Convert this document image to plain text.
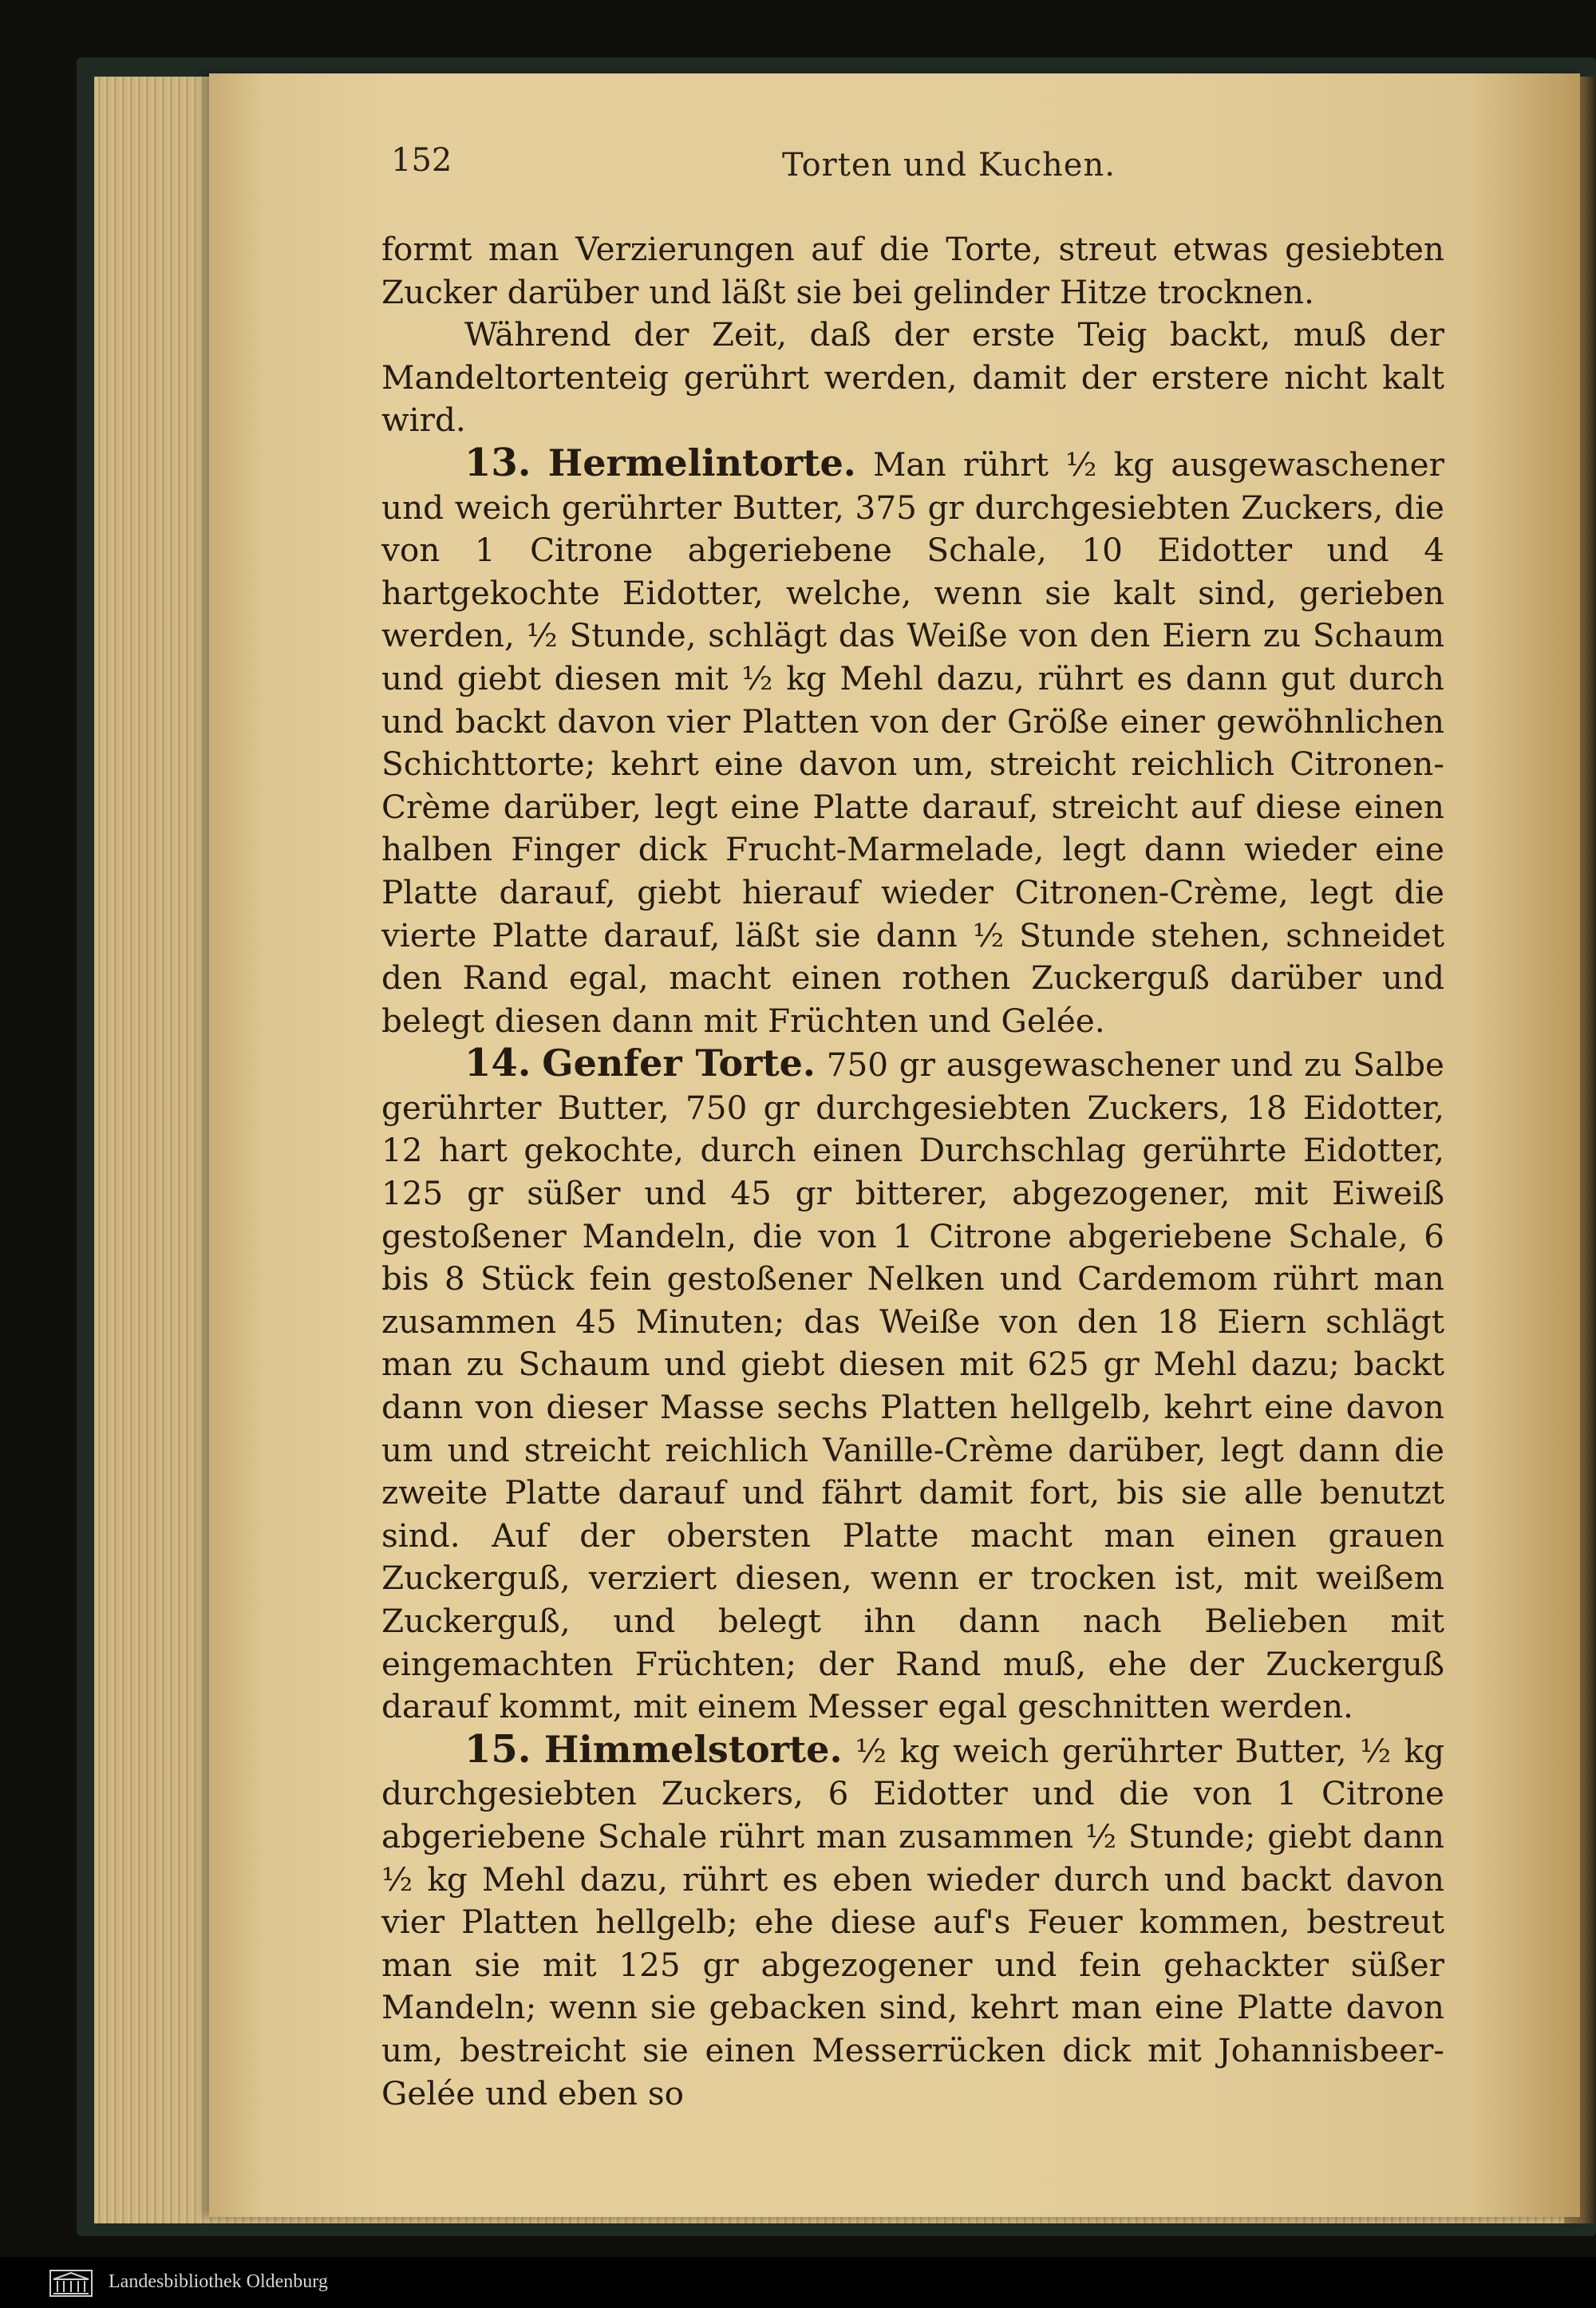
152	Torten und Kuchen.

formt man Verzierungen auf die Torte, streut etwas gesiebten Zucker darüber und läßt sie bei gelinder Hitze trocknen.

Während der Zeit, daß der erste Teig backt, muß der Mandeltortenteig gerührt werden, damit der erstere nicht kalt wird.

13. Hermelintorte. Man rührt ½ kg ausgewaschener und weich gerührter Butter, 375 gr durchgesiebten Zuckers, die von 1 Citrone abgeriebene Schale, 10 Eidotter und 4 hartgekochte Eidotter, welche, wenn sie kalt sind, gerieben werden, ½ Stunde, schlägt das Weiße von den Eiern zu Schaum und giebt diesen mit ½ kg Mehl dazu, rührt es dann gut durch und backt davon vier Platten von der Größe einer gewöhnlichen Schichttorte; kehrt eine davon um, streicht reichlich Citronen-Crème darüber, legt eine Platte darauf, streicht auf diese einen halben Finger dick Frucht-Marmelade, legt dann wieder eine Platte darauf, giebt hierauf wieder Citronen-Crème, legt die vierte Platte darauf, läßt sie dann ½ Stunde stehen, schneidet den Rand egal, macht einen rothen Zuckerguß darüber und belegt diesen dann mit Früchten und Gelée.

14. Genfer Torte. 750 gr ausgewaschener und zu Salbe gerührter Butter, 750 gr durchgesiebten Zuckers, 18 Eidotter, 12 hart gekochte, durch einen Durchschlag gerührte Eidotter, 125 gr süßer und 45 gr bitterer, abgezogener, mit Eiweiß gestoßener Mandeln, die von 1 Citrone abgeriebene Schale, 6 bis 8 Stück fein gestoßener Nelken und Cardemom rührt man zusammen 45 Minuten; das Weiße von den 18 Eiern schlägt man zu Schaum und giebt diesen mit 625 gr Mehl dazu; backt dann von dieser Masse sechs Platten hellgelb, kehrt eine davon um und streicht reichlich Vanille-Crème darüber, legt dann die zweite Platte darauf und fährt damit fort, bis sie alle benutzt sind. Auf der obersten Platte macht man einen grauen Zuckerguß, verziert diesen, wenn er trocken ist, mit weißem Zuckerguß, und belegt ihn dann nach Belieben mit eingemachten Früchten; der Rand muß, ehe der Zuckerguß darauf kommt, mit einem Messer egal geschnitten werden.

15. Himmelstorte. ½ kg weich gerührter Butter, ½ kg durchgesiebten Zuckers, 6 Eidotter und die von 1 Citrone abgeriebene Schale rührt man zusammen ½ Stunde; giebt dann ½ kg Mehl dazu, rührt es eben wieder durch und backt davon vier Platten hellgelb; ehe diese auf's Feuer kommen, bestreut man sie mit 125 gr abgezogener und fein gehackter süßer Mandeln; wenn sie gebacken sind, kehrt man eine Platte davon um, bestreicht sie einen Messerrücken dick mit Johannisbeer-Gelée und eben so

Landesbibliothek Oldenburg
